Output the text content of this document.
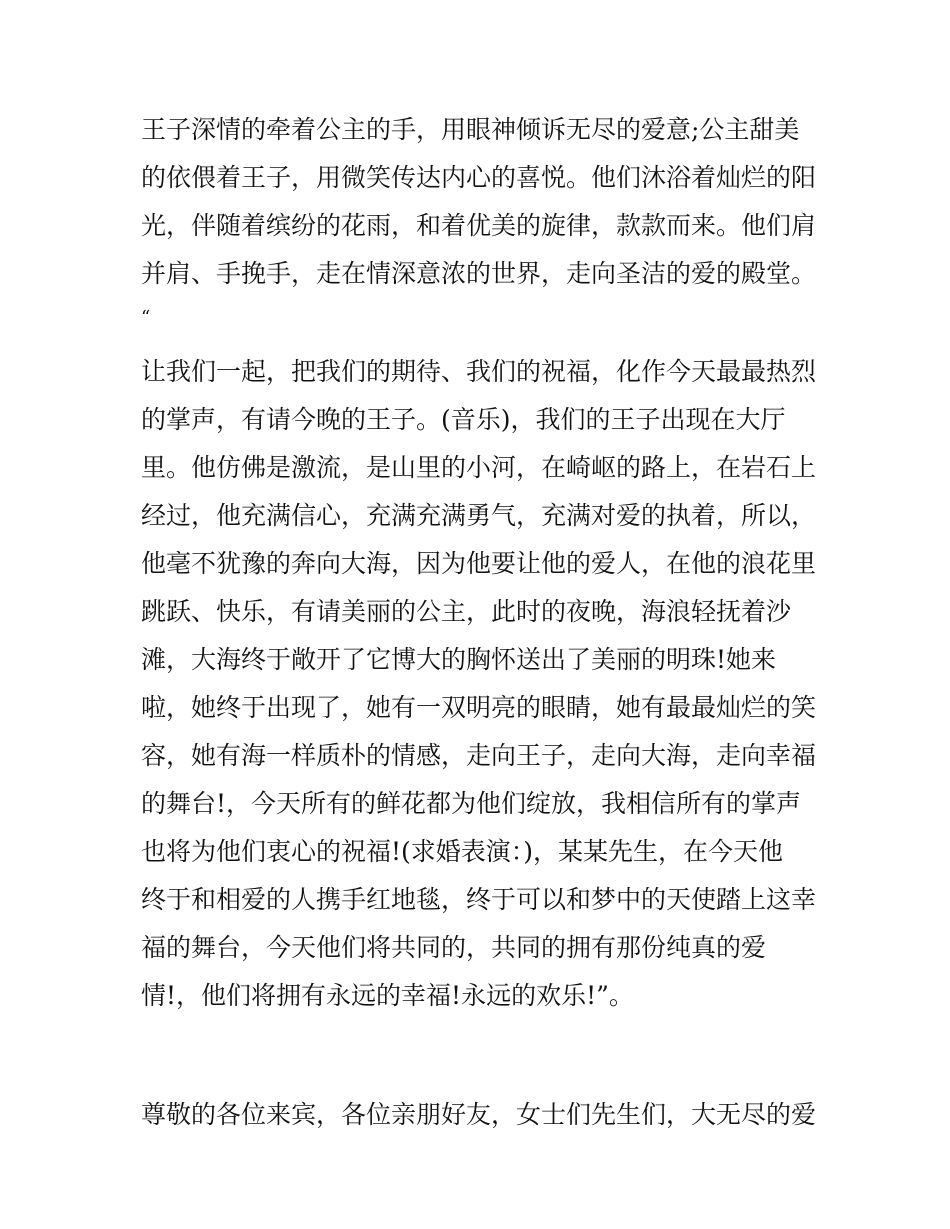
王子深情的牵着公主的手，用眼神倾诉无尽的爱意;公主甜美
的依偎着王子，用微笑传达内心的喜悦。他们沐浴着灿烂的阳
光，伴随着缤纷的花雨，和着优美的旋律，款款而来。他们肩
并肩、手挽手，走在情深意浓的世界，走向圣洁的爱的殿堂。
“
让我们一起，把我们的期待、我们的祝福，化作今天最最热烈
的掌声，有请今晚的王子。(音乐)，我们的王子出现在大厅
里。他仿佛是激流，是山里的小河，在崎岖的路上，在岩石上
经过，他充满信心，充满充满勇气，充满对爱的执着，所以，
他毫不犹豫的奔向大海，因为他要让他的爱人，在他的浪花里
跳跃、快乐，有请美丽的公主，此时的夜晚，海浪轻抚着沙
滩，大海终于敞开了它博大的胸怀送出了美丽的明珠!她来
啦，她终于出现了，她有一双明亮的眼睛，她有最最灿烂的笑
容，她有海一样质朴的情感，走向王子，走向大海，走向幸福
的舞台!，今天所有的鲜花都为他们绽放，我相信所有的掌声
也将为他们衷心的祝福!(求婚表演：)，某某先生，在今天他
终于和相爱的人携手红地毯，终于可以和梦中的天使踏上这幸
福的舞台，今天他们将共同的，共同的拥有那份纯真的爱
情!，他们将拥有永远的幸福!永远的欢乐!”。
尊敬的各位来宾，各位亲朋好友，女士们先生们，大无尽的爱
